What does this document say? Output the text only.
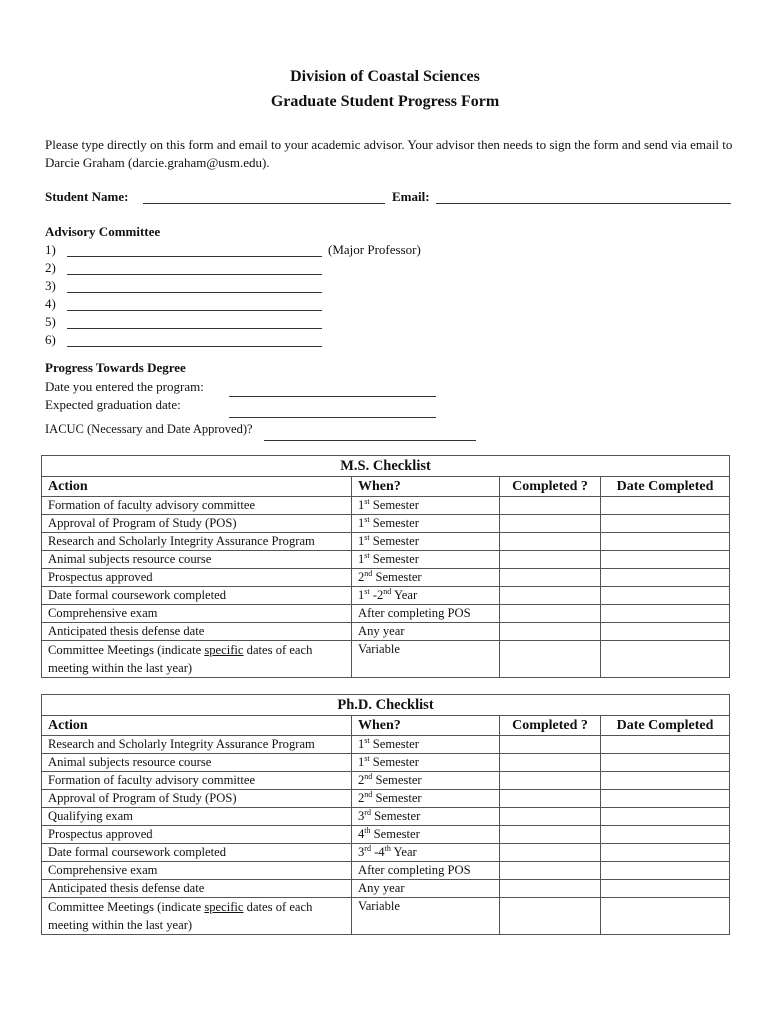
Division of Coastal Sciences
Graduate Student Progress Form
Please type directly on this form and email to your academic advisor. Your advisor then needs to sign the form and send via email to Darcie Graham (darcie.graham@usm.edu).
Student Name:	Email:
Advisory Committee
1)	(Major Professor)
2)
3)
4)
5)
6)
Progress Towards Degree
Date you entered the program:
Expected graduation date:
IACUC (Necessary and Date Approved)?
M.S. Checklist			
Action	When?	Completed ?	Date Completed
Formation of faculty advisory committee	1st Semester		
Approval of Program of Study (POS)	1st Semester		
Research and Scholarly Integrity Assurance Program	1st Semester		
Animal subjects resource course	1st Semester		
Prospectus approved	2nd Semester		
Date formal coursework completed	1st -2nd Year		
Comprehensive exam	After completing POS		
Anticipated thesis defense date	Any year		
Committee Meetings (indicate specific dates of each meeting within the last year)	Variable		
Ph.D. Checklist			
Action	When?	Completed ?	Date Completed
Research and Scholarly Integrity Assurance Program	1st Semester		
Animal subjects resource course	1st Semester		
Formation of faculty advisory committee	2nd Semester		
Approval of Program of Study (POS)	2nd Semester		
Qualifying exam	3rd Semester		
Prospectus approved	4th Semester		
Date formal coursework completed	3rd -4th Year		
Comprehensive exam	After completing POS		
Anticipated thesis defense date	Any year		
Committee Meetings (indicate specific dates of each meeting within the last year)	Variable		
